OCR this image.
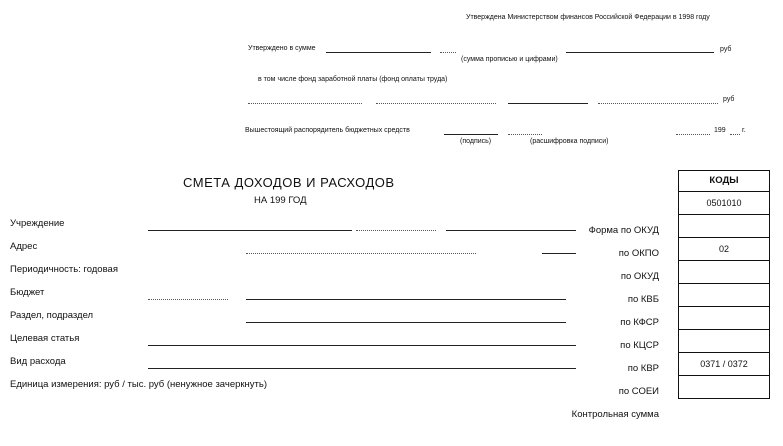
Утверждена Министерством финансов Российской Федерации в 1998 году
Утверждено в сумме	руб
(сумма прописью и цифрами)
в том числе фонд заработной платы (фонд оплаты труда)
руб
Вышестоящий распорядитель бюджетных средств
(подпись)	(расшифровка подписи)
199 г.
СМЕТА ДОХОДОВ И РАСХОДОВ
НА 199 ГОД
Учреждение
Адрес
Периодичность: годовая
Бюджет
Раздел, подраздел
Целевая статья
Вид расхода
Единица измерения: руб / тыс. руб (ненужное зачеркнуть)
Форма по ОКУД
по ОКПО
по ОКУД
по КВБ
по КФСР
по КЦСР
по КВР
по СОЕИ
Контрольная сумма
КОДЫ
0501010
02
0371 / 0372
